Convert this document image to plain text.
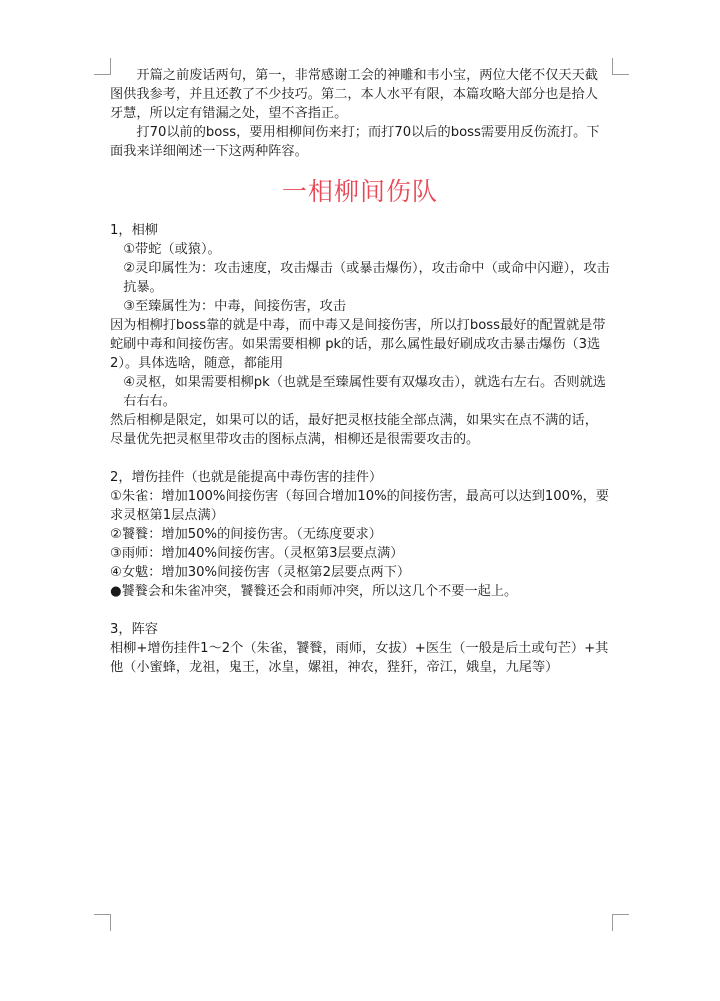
开篇之前废话两句，第一，非常感谢工会的神雕和韦小宝，两位大佬不仅天天截图供我参考，并且还教了不少技巧。第二，本人水平有限，本篇攻略大部分也是拾人牙慧，所以定有错漏之处，望不吝指正。

打70以前的boss，要用相柳间伤来打；而打70以后的boss需要用反伤流打。下面我来详细阐述一下这两种阵容。

一相柳间伤队

1，相柳

①带蛇（或猿）。

②灵印属性为：攻击速度，攻击爆击（或暴击爆伤），攻击命中（或命中闪避），攻击抗暴。

③至臻属性为：中毒，间接伤害，攻击

因为相柳打boss靠的就是中毒，而中毒又是间接伤害，所以打boss最好的配置就是带蛇刷中毒和间接伤害。如果需要相柳 pk的话，那么属性最好刷成攻击暴击爆伤（3选2）。具体选啥，随意，都能用

④灵枢，如果需要相柳pk（也就是至臻属性要有双爆攻击），就选右左右。否则就选右右右。

然后相柳是限定，如果可以的话，最好把灵枢技能全部点满，如果实在点不满的话，尽量优先把灵枢里带攻击的图标点满，相柳还是很需要攻击的。

2，增伤挂件（也就是能提高中毒伤害的挂件）

①朱雀：增加100%间接伤害（每回合增加10%的间接伤害，最高可以达到100%，要求灵枢第1层点满）

②饕餮：增加50%的间接伤害。（无练度要求）

③雨师：增加40%间接伤害。（灵枢第3层要点满）

④女魃：增加30%间接伤害（灵枢第2层要点两下）

●饕餮会和朱雀冲突，饕餮还会和雨师冲突，所以这几个不要一起上。

3，阵容

相柳+增伤挂件1～2个（朱雀，饕餮，雨师，女拔）+医生（一般是后土或句芒）+其他（小蜜蜂，龙祖，鬼王，冰皇，嫘祖，神农，狴犴，帝江，娥皇，九尾等）
